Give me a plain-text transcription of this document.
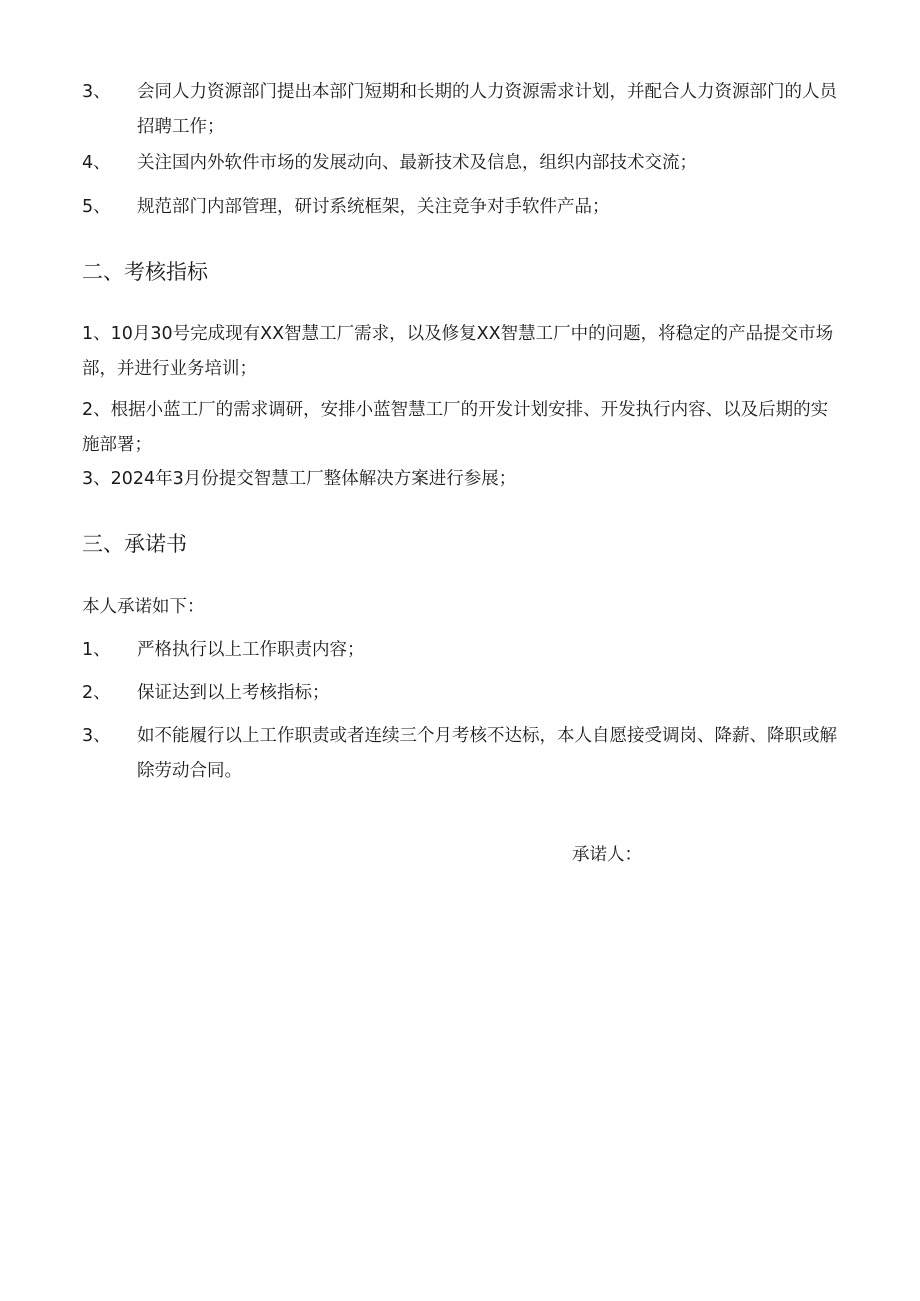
3、	会同人力资源部门提出本部门短期和长期的人力资源需求计划，并配合人力资源部门的人员招聘工作；
4、	关注国内外软件市场的发展动向、最新技术及信息，组织内部技术交流；
5、	规范部门内部管理，研讨系统框架，关注竞争对手软件产品；
二、考核指标
1、10月30号完成现有XX智慧工厂需求，以及修复XX智慧工厂中的问题，将稳定的产品提交市场部，并进行业务培训；
2、根据小蓝工厂的需求调研，安排小蓝智慧工厂的开发计划安排、开发执行内容、以及后期的实施部署；
3、2024年3月份提交智慧工厂整体解决方案进行参展；
三、承诺书
本人承诺如下：
1、	严格执行以上工作职责内容；
2、	保证达到以上考核指标；
3、	如不能履行以上工作职责或者连续三个月考核不达标，本人自愿接受调岗、降薪、降职或解除劳动合同。
承诺人：
